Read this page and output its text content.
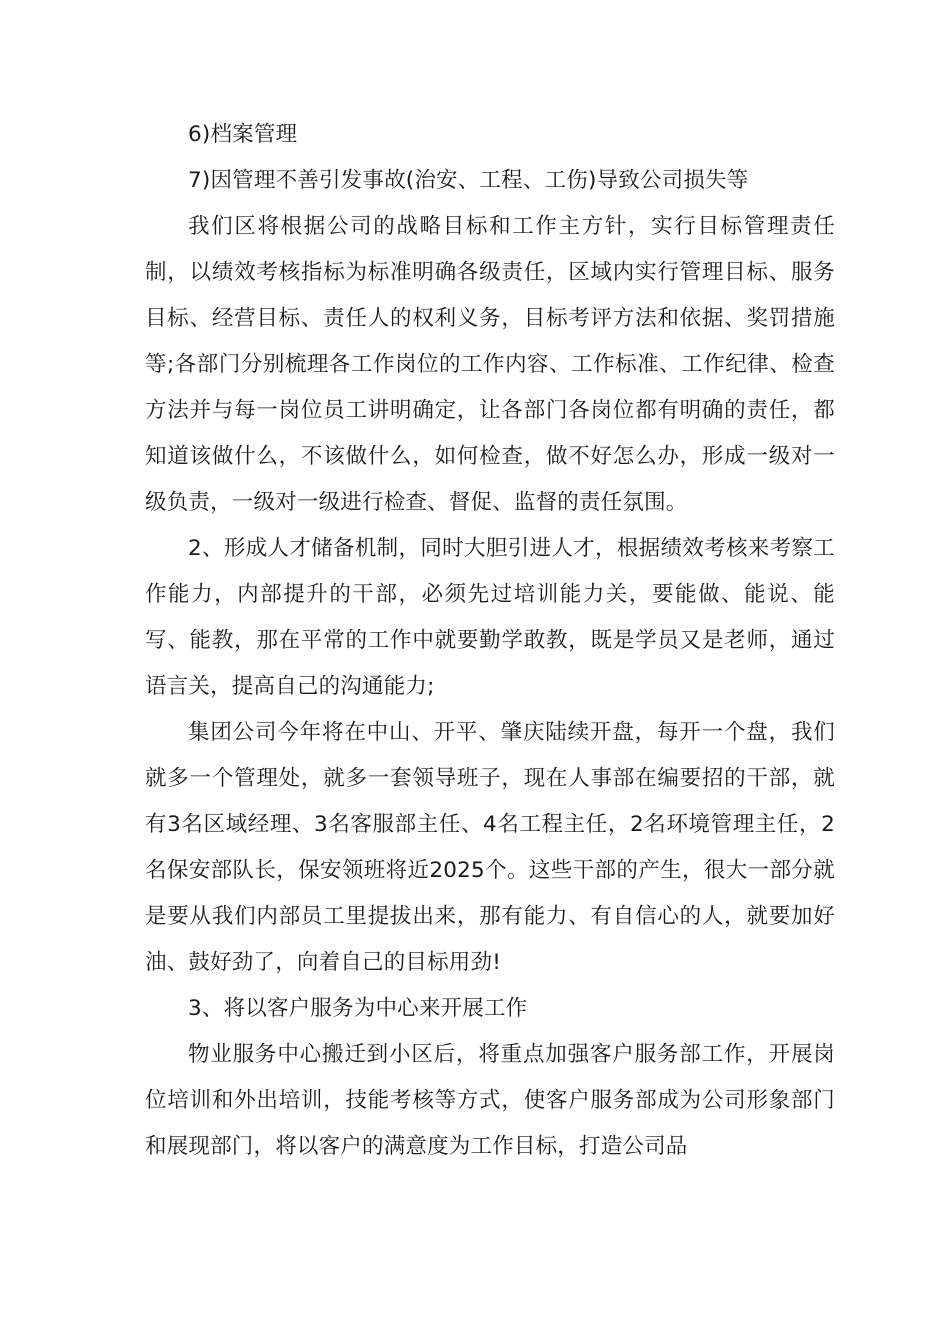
6)档案管理

7)因管理不善引发事故(治安、工程、工伤)导致公司损失等

我们区将根据公司的战略目标和工作主方针，实行目标管理责任制，以绩效考核指标为标准明确各级责任，区域内实行管理目标、服务目标、经营目标、责任人的权利义务，目标考评方法和依据、奖罚措施等;各部门分别梳理各工作岗位的工作内容、工作标准、工作纪律、检查方法并与每一岗位员工讲明确定，让各部门各岗位都有明确的责任，都知道该做什么，不该做什么，如何检查，做不好怎么办，形成一级对一级负责，一级对一级进行检查、督促、监督的责任氛围。

2、形成人才储备机制，同时大胆引进人才，根据绩效考核来考察工作能力，内部提升的干部，必须先过培训能力关，要能做、能说、能写、能教，那在平常的工作中就要勤学敢教，既是学员又是老师，通过语言关，提高自己的沟通能力;

集团公司今年将在中山、开平、肇庆陆续开盘，每开一个盘，我们就多一个管理处，就多一套领导班子，现在人事部在编要招的干部，就有3名区域经理、3名客服部主任、4名工程主任，2名环境管理主任，2名保安部队长，保安领班将近2025个。这些干部的产生，很大一部分就是要从我们内部员工里提拔出来，那有能力、有自信心的人，就要加好油、鼓好劲了，向着自己的目标用劲!

3、将以客户服务为中心来开展工作

物业服务中心搬迁到小区后，将重点加强客户服务部工作，开展岗位培训和外出培训，技能考核等方式，使客户服务部成为公司形象部门和展现部门，将以客户的满意度为工作目标，打造公司品
